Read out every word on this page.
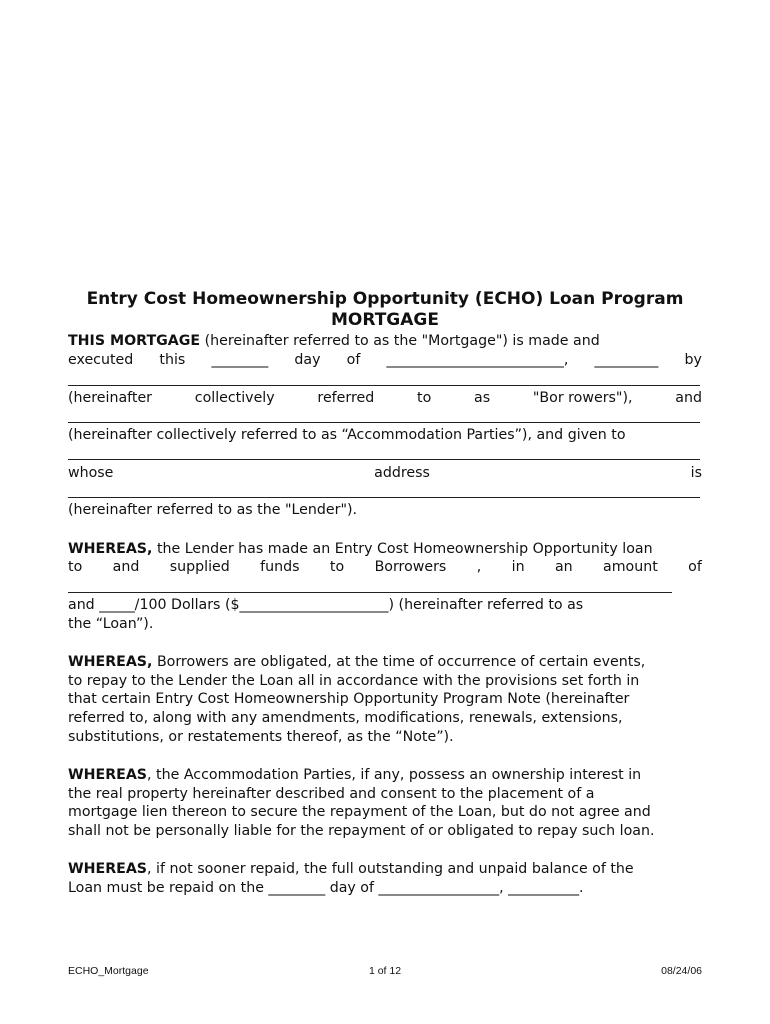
Entry Cost Homeownership Opportunity (ECHO) Loan Program
MORTGAGE
THIS MORTGAGE (hereinafter referred to as the "Mortgage") is made and
executed this ________ day of _________________________, _________ by
(hereinafter	collectively	referred	to	as	"Bor rowers"),	and
(hereinafter collectively referred to as “Accommodation Parties”), and given to
whose	address	is
(hereinafter referred to as the "Lender").
WHEREAS, the Lender has made an Entry Cost Homeownership Opportunity loan
to and supplied funds to Borrowers , in an amount of
and _____/100 Dollars ($_____________________) (hereinafter referred to as
the “Loan”).
WHEREAS, Borrowers are obligated, at the time of occurrence of certain events,
to repay to the Lender the Loan all in accordance with the provisions set forth in
that certain Entry Cost Homeownership Opportunity Program Note (hereinafter
referred to, along with any amendments, modifications, renewals, extensions,
substitutions, or restatements thereof, as the “Note”).
WHEREAS, the Accommodation Parties, if any, possess an ownership interest in
the real property hereinafter described and consent to the placement of a
mortgage lien thereon to secure the repayment of the Loan, but do not agree and
shall not be personally liable for the repayment of or obligated to repay such loan.
WHEREAS, if not sooner repaid, the full outstanding and unpaid balance of the
Loan must be repaid on the ________ day of _________________, __________.
ECHO_Mortgage	1 of 12	08/24/06
